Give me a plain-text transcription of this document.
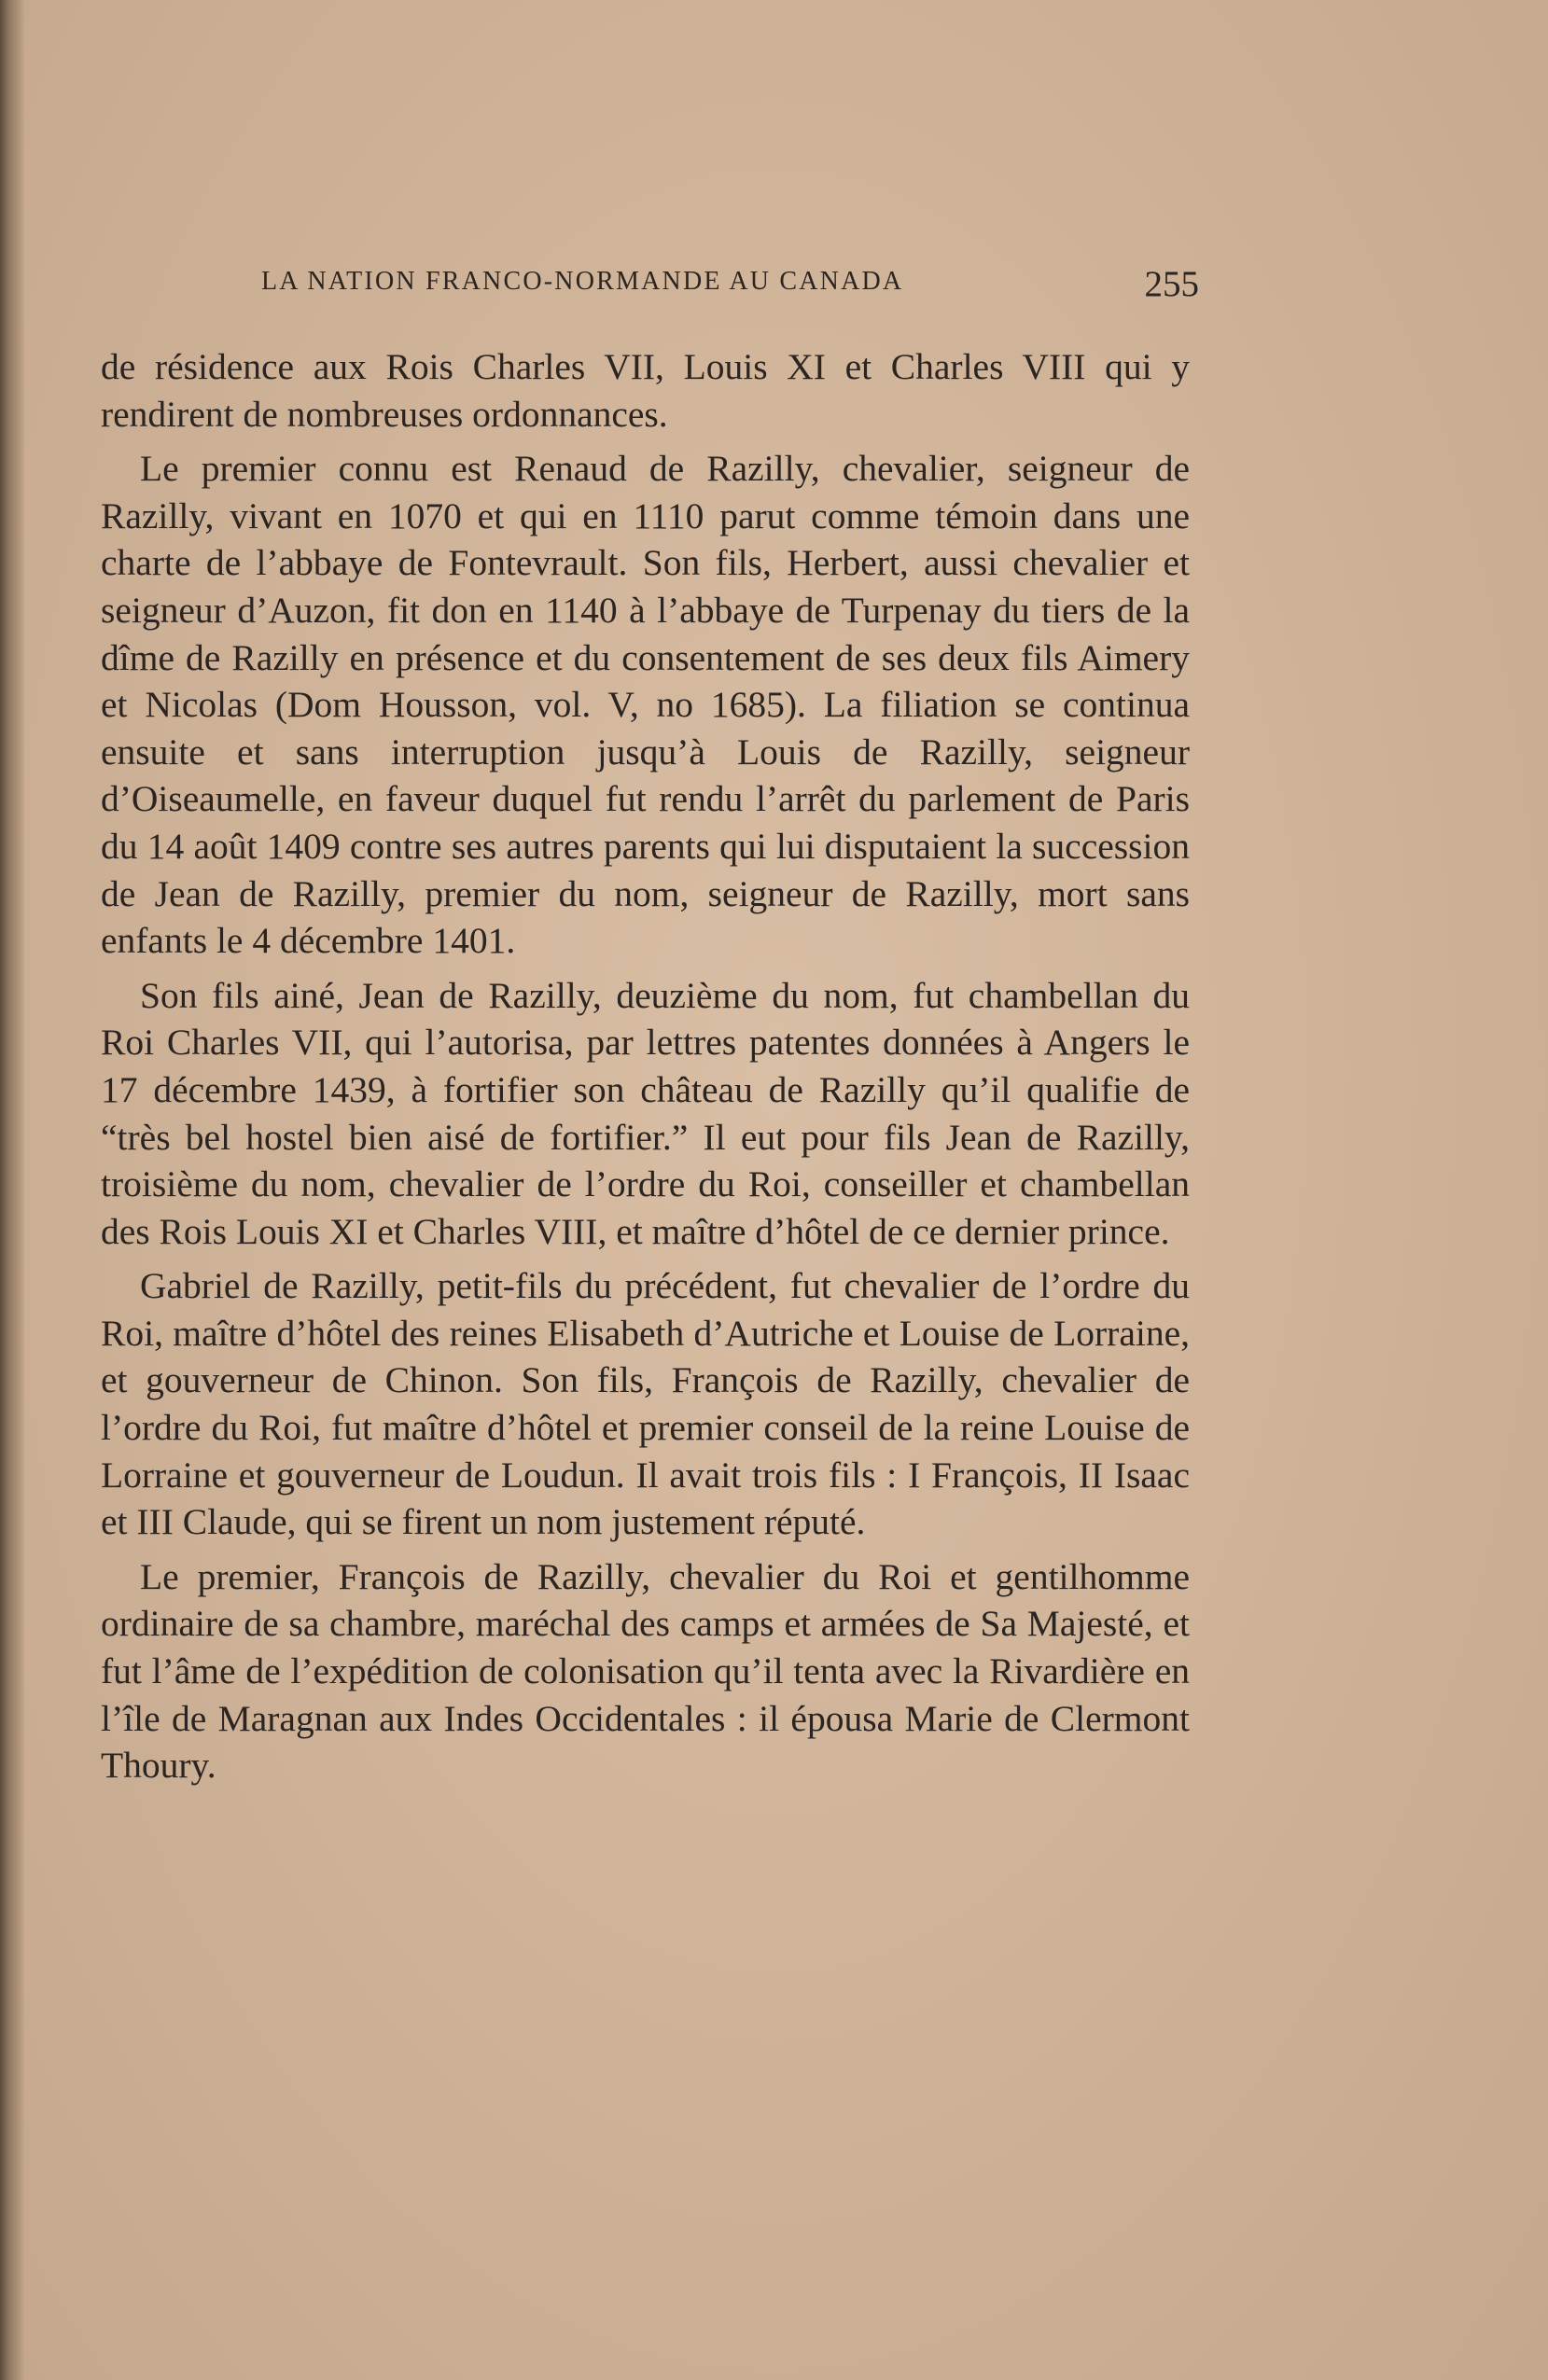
LA NATION FRANCO-NORMANDE AU CANADA	255

de résidence aux Rois Charles VII, Louis XI et Charles VIII qui y rendirent de nombreuses ordonnances.

Le premier connu est Renaud de Razilly, chevalier, seigneur de Razilly, vivant en 1070 et qui en 1110 parut comme témoin dans une charte de l’abbaye de Fontevrault. Son fils, Herbert, aussi chevalier et seigneur d’Auzon, fit don en 1140 à l’abbaye de Turpenay du tiers de la dîme de Razilly en présence et du consentement de ses deux fils Aimery et Nicolas (Dom Housson, vol. V, no 1685). La filiation se continua ensuite et sans interruption jusqu’à Louis de Razilly, seigneur d’Oiseaumelle, en faveur duquel fut rendu l’arrêt du parlement de Paris du 14 août 1409 contre ses autres parents qui lui disputaient la succession de Jean de Razilly, premier du nom, seigneur de Razilly, mort sans enfants le 4 décembre 1401.

Son fils ainé, Jean de Razilly, deuzième du nom, fut chambellan du Roi Charles VII, qui l’autorisa, par lettres patentes données à Angers le 17 décembre 1439, à fortifier son château de Razilly qu’il qualifie de “très bel hostel bien aisé de fortifier.” Il eut pour fils Jean de Razilly, troisième du nom, chevalier de l’ordre du Roi, conseiller et chambellan des Rois Louis XI et Charles VIII, et maître d’hôtel de ce dernier prince.

Gabriel de Razilly, petit-fils du précédent, fut chevalier de l’ordre du Roi, maître d’hôtel des reines Elisabeth d’Autriche et Louise de Lorraine, et gouverneur de Chinon. Son fils, François de Razilly, chevalier de l’ordre du Roi, fut maître d’hôtel et premier conseil de la reine Louise de Lorraine et gouverneur de Loudun. Il avait trois fils : I François, II Isaac et III Claude, qui se firent un nom justement réputé.

Le premier, François de Razilly, chevalier du Roi et gentilhomme ordinaire de sa chambre, maréchal des camps et armées de Sa Majesté, et fut l’âme de l’expédition de colonisation qu’il tenta avec la Rivardière en l’île de Maragnan aux Indes Occidentales : il épousa Marie de Clermont Thoury.
